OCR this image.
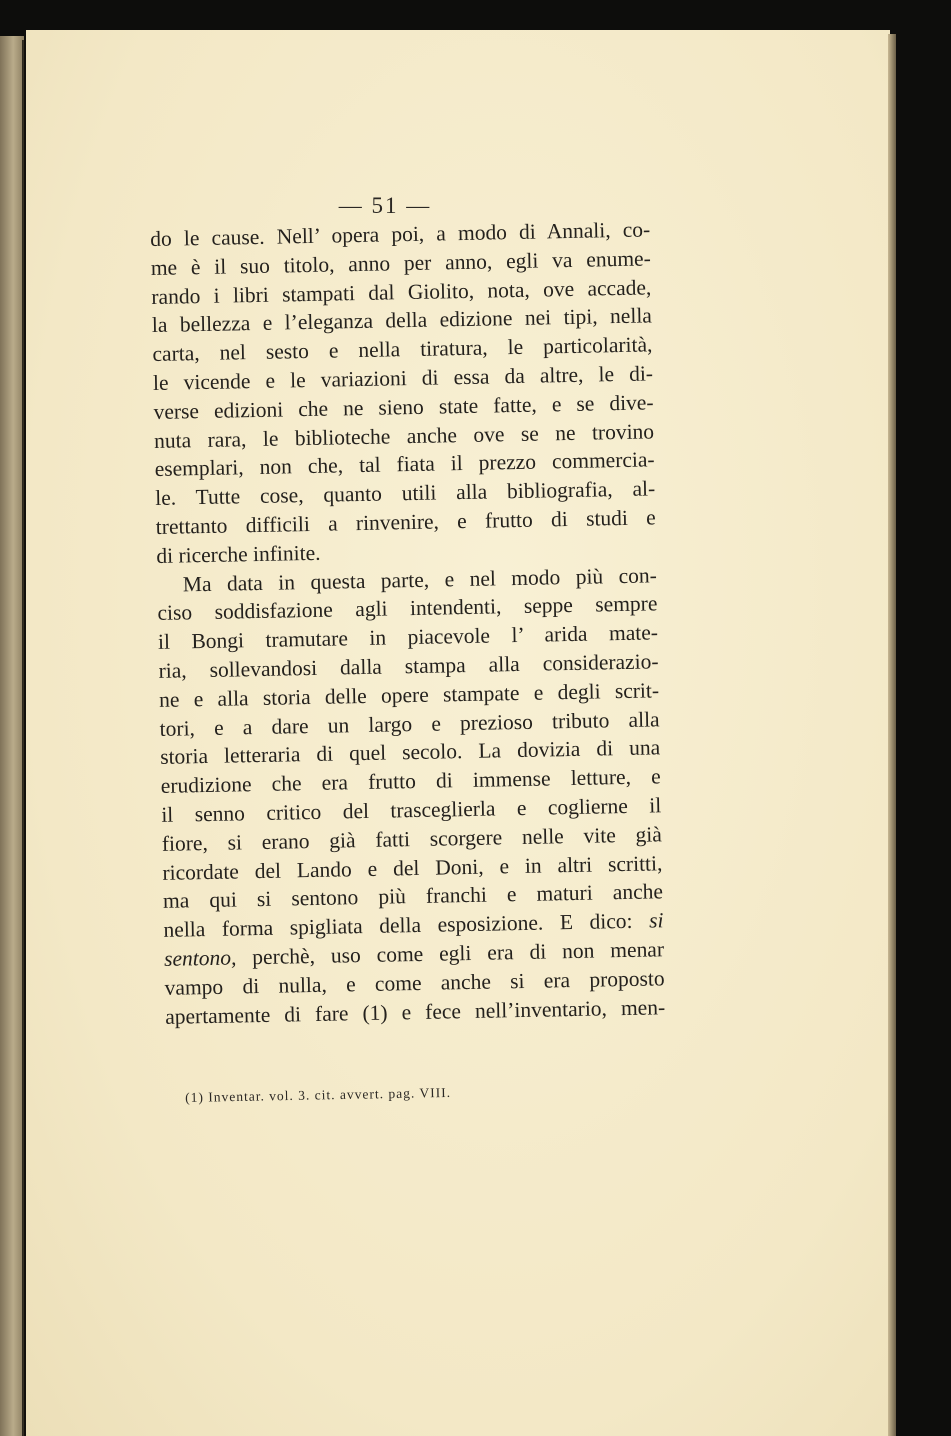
— 51 —
do le cause. Nell’ opera poi, a modo di Annali, co-
me è il suo titolo, anno per anno, egli va enume-
rando i libri stampati dal Giolito, nota, ove accade,
la bellezza e l’eleganza della edizione nei tipi, nella
carta, nel sesto e nella tiratura, le particolarità,
le vicende e le variazioni di essa da altre, le di-
verse edizioni che ne sieno state fatte, e se dive-
nuta rara, le biblioteche anche ove se ne trovino
esemplari, non che, tal fiata il prezzo commercia-
le. Tutte cose, quanto utili alla bibliografia, al-
trettanto difficili a rinvenire, e frutto di studi e
di ricerche infinite.
Ma data in questa parte, e nel modo più con-
ciso soddisfazione agli intendenti, seppe sempre
il Bongi tramutare in piacevole l’ arida mate-
ria, sollevandosi dalla stampa alla considerazio-
ne e alla storia delle opere stampate e degli scrit-
tori, e a dare un largo e prezioso tributo alla
storia letteraria di quel secolo. La dovizia di una
erudizione che era frutto di immense letture, e
il senno critico del trasceglierla e coglierne il
fiore, si erano già fatti scorgere nelle vite già
ricordate del Lando e del Doni, e in altri scritti,
ma qui si sentono più franchi e maturi anche
nella forma spigliata della esposizione. E dico: si
sentono, perchè, uso come egli era di non menar
vampo di nulla, e come anche si era proposto
apertamente di fare (1) e fece nell’inventario, men-
(1) Inventar. vol. 3. cit. avvert. pag. VIII.
